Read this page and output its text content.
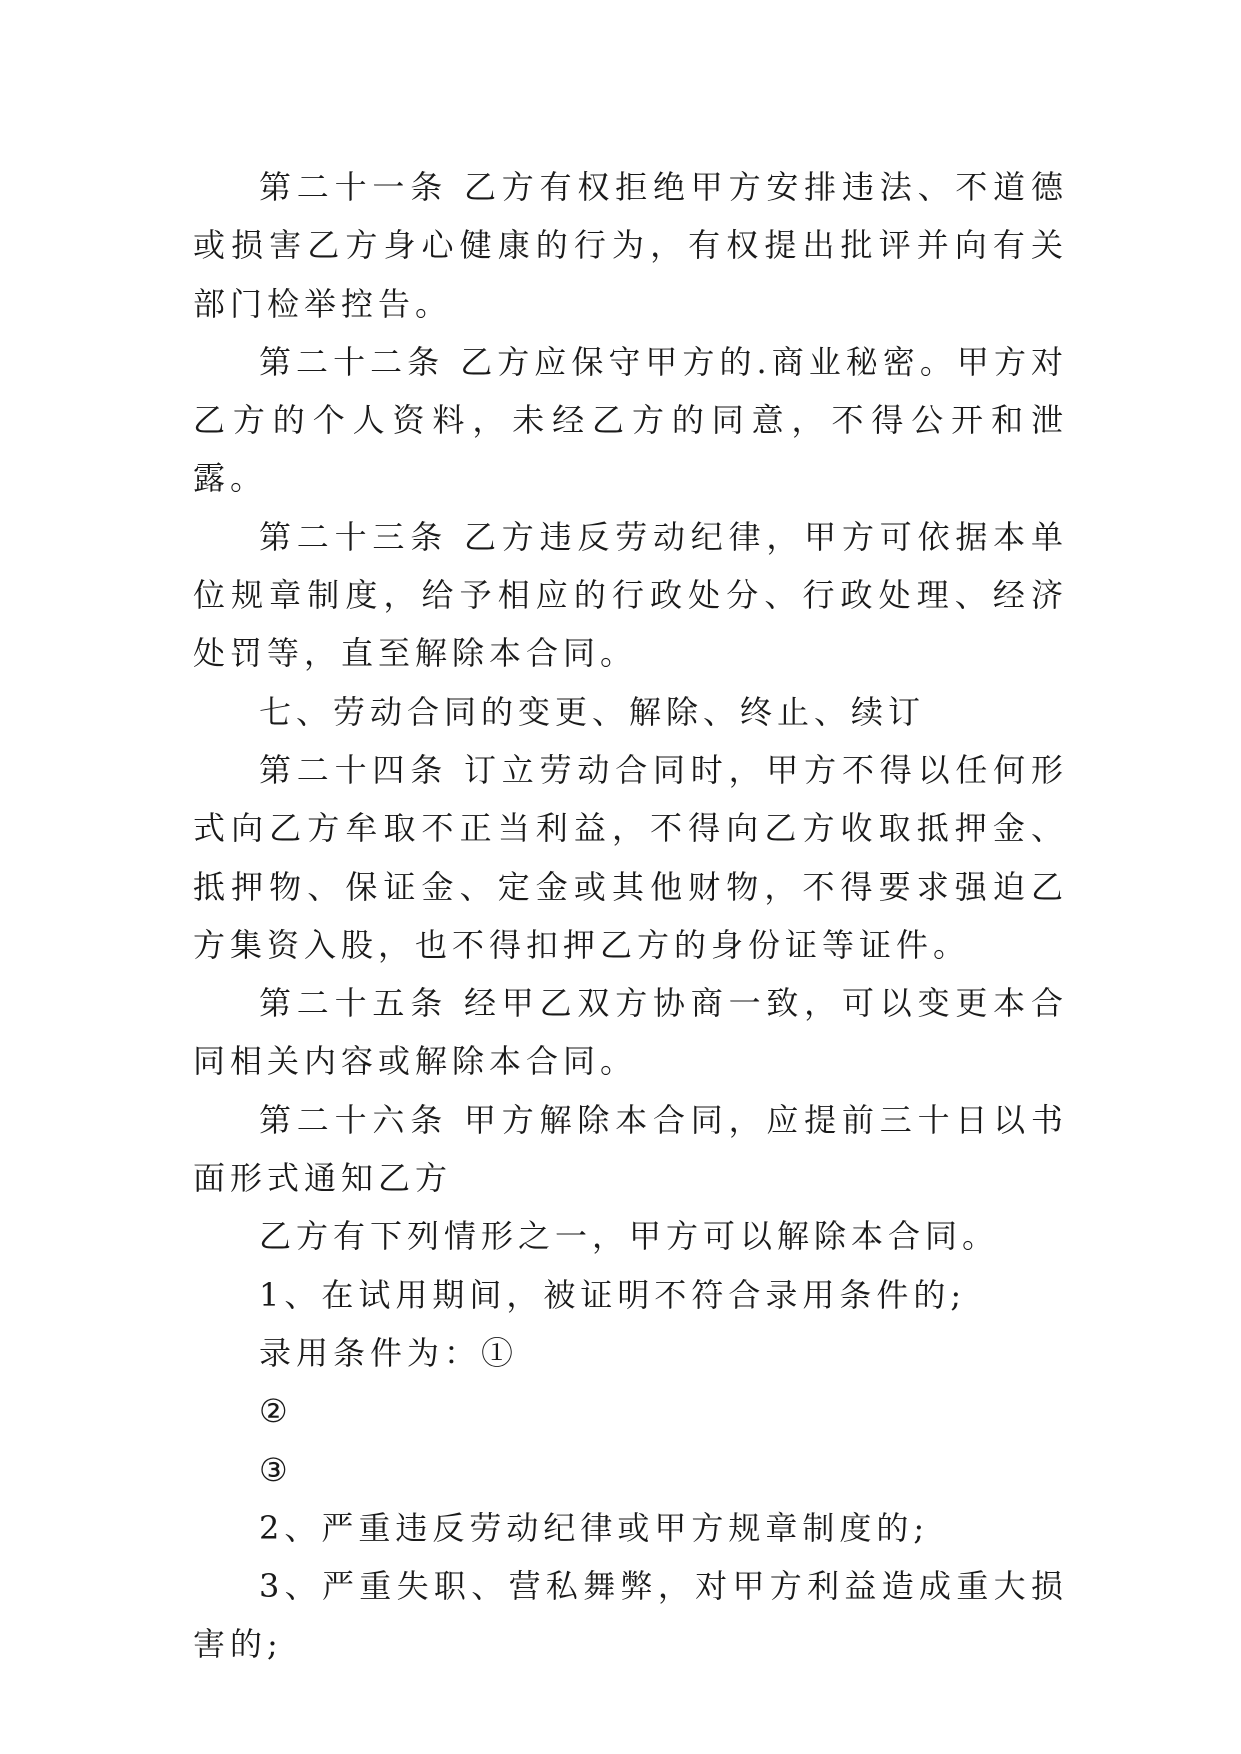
第二十一条 乙方有权拒绝甲方安排违法、不道德或损害乙方身心健康的行为，有权提出批评并向有关部门检举控告。

第二十二条 乙方应保守甲方的.商业秘密。甲方对乙方的个人资料，未经乙方的同意，不得公开和泄露。

第二十三条 乙方违反劳动纪律，甲方可依据本单位规章制度，给予相应的行政处分、行政处理、经济处罚等，直至解除本合同。

七、劳动合同的变更、解除、终止、续订

第二十四条 订立劳动合同时，甲方不得以任何形式向乙方牟取不正当利益，不得向乙方收取抵押金、抵押物、保证金、定金或其他财物，不得要求强迫乙方集资入股，也不得扣押乙方的身份证等证件。

第二十五条 经甲乙双方协商一致，可以变更本合同相关内容或解除本合同。

第二十六条 甲方解除本合同，应提前三十日以书面形式通知乙方

乙方有下列情形之一，甲方可以解除本合同。

1、在试用期间，被证明不符合录用条件的;

录用条件为：①

②

③

2、严重违反劳动纪律或甲方规章制度的;

3、严重失职、营私舞弊，对甲方利益造成重大损害的;
